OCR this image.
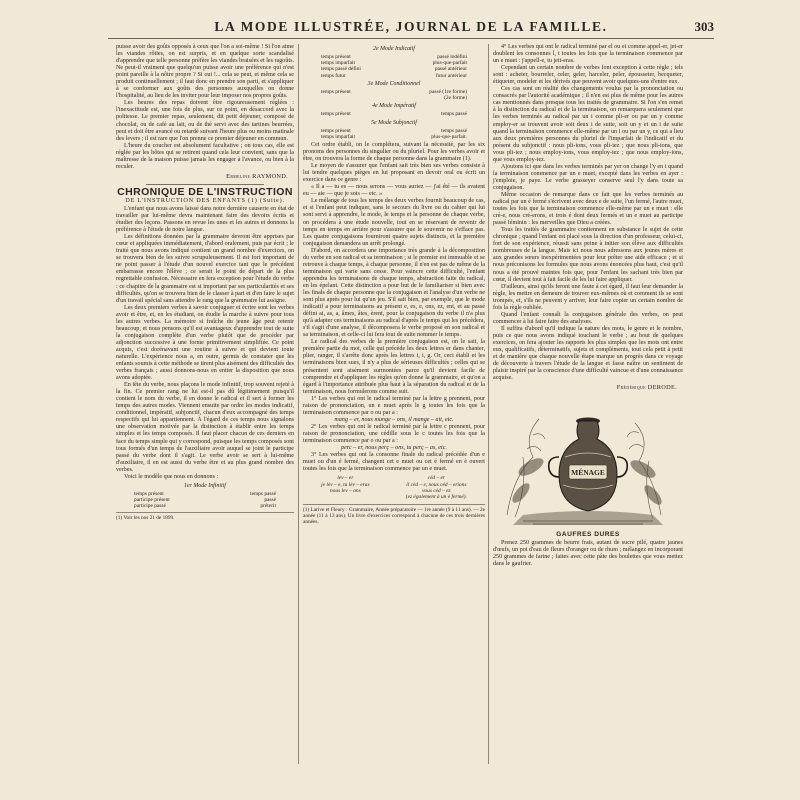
LA MODE ILLUSTRÉE, JOURNAL DE LA FAMILLE.	303

puisse avoir des goûts opposés à ceux que l'on a soi-même ! Si l'on aime les viandes rôties, on est surpris, et en quelque sorte scandalisé d'apprendre que telle personne préfère les viandes braisées et les ragoûts. Ne peut-il vraiment que quelqu'un puisse avoir une préférence qui n'est point pareille à la nôtre propre ? Si oui !... cela se peut, et même cela se produit continuellement ; il faut donc en prendre son parti, et s'appliquer à se conformer aux goûts des personnes auxquelles on donne l'hospitalité, au lieu de les inviter pour leur imposer nos propres goûts.

Les heures des repas doivent être rigoureusement réglées : l'inexactitude est, une fois de plus, sur ce point, en désaccord avec la politesse. Le premier repas, seulement, dit petit déjeuner, composé de chocolat, ou de café au lait, ou de thé servi avec des tartines beurrées, peut et doit être avancé ou retardé suivant l'heure plus ou moins matinale des levers ; il est rare que l'on prenne ce premier déjeuner en commun.

L'heure du coucher est absolument facultative ; on tous cas, elle est réglée par les hôtes qui se retirent quand cela leur convient, sans que la maîtresse de la maison puisse jamais les engager à l'avance, ou bien à la reculer.

Ermeline RAYMOND.
CHRONIQUE DE L'INSTRUCTION
DE L'INSTRUCTION DES ENFANTS (1) (Suite).

L'enfant que nous avons laissé dans notre dernière causerie en état de travailler par lui-même devra maintenant faire des devoirs écrits et étudier des leçons. Passons en revue les unes et les autres et donnons la préférence à l'étude de notre langue.

Les définitions données par la grammaire devront être apprises par cœur et appliquées immédiatement, d'abord oralement, puis par écrit ; le traité que nous avons indiqué contient un grand nombre d'exercices, on se trouvera bien de les suivre scrupuleusement. Il est fort important de ne point passer à l'étude d'un nouvel exercice tant que le précédent embarrasse encore l'élève ; ce serait le point de départ de la plus regrettable confusion. Nécessaire en fera exception pour l'étude du verbe : ce chapitre de la grammaire est si important par ses particularités et ses difficultés, qu'on se trouvera bien de le classer à part et d'en faire le sujet d'un travail spécial sans attendre le rang que la grammaire lui assigne.

Les deux premiers verbes à savoir conjuguer et écrire sont les verbes avoir et être, et, en les étudiant, on étudie la marche à suivre pour tous les autres verbes. La mémoire si fraîche du jeune âge peut retenir beaucoup, et nous pensons qu'il est avantageux d'apprendre tout de suite la conjugaison complète d'un verbe plutôt que de procéder par adjonction successive à une forme primitivement simplifiée. Ce point acquis, c'est dorénavant une routine à suivre et qui devient toute naturelle. L'expérience nous a, en outre, germis de constater que les enfants soumis à cette méthode se tirent plus aisément des difficultés des verbes français ; aussi donnons-nous en entier la disposition que nous avons adoptée.

En tête du verbe, nous plaçons le mode infinitif, trop souvent rejeté à la fin. Ce premier rang ne lui est-il pas dû légitimement puisqu'il contient le nom du verbe, il en donne le radical et il sert à former les temps des autres modes. Viennent ensuite par ordre les modes indicatif, conditionnel, impératif, subjonctif, chacun d'eux accompagné des temps respectifs qui lui appartiennent. À l'égard de ces temps nous signalons une observation motivée par la distinction à établir entre les temps simples et les temps composés. Il faut placer chacun de ces derniers en face du temps simple qui y correspond, puisque les temps composés sont tous formés d'un temps de l'auxiliaire avoir auquel se joint le participe passé du verbe dont il s'agit. Le verbe avoir se sert à lui-même d'auxiliaire, il en est aussi du verbe être et au plus grand nombre des verbes.

Voici le modèle que nous en donnons :

1er Mode Infinitif
temps présent	temps passé
participe présent	passé
participe passé	préterit
(1) Voir les nos 21 de 1899.
2e Mode Indicatif
temps présent	passé indéfini
temps imparfait	plus-que-parfait
temps passé défini	passé antérieur
temps futur	futur antérieur
3e Mode Conditionnel
temps présent	passé (1re forme)
(2e forme)
4e Mode Impératif
temps présent	temps passé
5e Mode Subjonctif
temps présent	temps passé
temps imparfait	plus-que-parfait.

Cet ordre établi, on le complétera, suivant la nécessité, par les six pronoms des personnes du singulier ou du pluriel. Pour les verbes avoir et être, on trouvera la forme de chaque personne dans la grammaire (1).

Le moyen de s'assurer que l'enfant sait très bien ses verbes consiste à lui tendre quelques pièges en lui proposant en devoir oral ou écrit un exercice dans ce genre :

« Il a — tu es — nous serons — vous auriez — j'ai été — ils avaient eu — aie — que je sois — etc. »

Le mélange de tous les temps des deux verbes fournit beaucoup de cas, et si l'enfant peut indiquer, sans le secours du livre ou du cahier qui lui sont servi à apprendre, le mode, le temps et la personne de chaque verbe, on procédera à une étude nouvelle, tout en se réservant de revenir de temps en temps en arrière pour s'assurer que le souvenir ne s'efface pas. Les quatre conjugaisons fourniront quatre sujets distincts, et la première conjugaison demandera un arrêt prolongé.

D'abord, on accordera une importance très grande à la décomposition du verbe en son radical et sa terminaison ; si le premier est immuable et se retrouve à chaque temps, à chaque personne, il n'en est pas de même de la terminaison qui varie sans cesse. Pour vaincre cette difficulté, l'enfant apprendra les terminaisons de chaque temps, abstraction faite du radical, en les épelant. Cette distinction a pour but de le familiariser si bien avec les finals de chaque personne que la conjugaison et l'analyse d'un verbe ne sont plus après pour lui qu'un jeu. S'il sait bien, par exemple, que le mode indicatif a pour terminaisons au présent e, es, e, ons, ez, ent, et au passé défini ai, as, a, âmes, âtes, èrent, pour la conjugaison du verbe il n'a plus qu'à adapter ces terminaisons au radical d'après le temps qui les précèdera, s'il s'agit d'une analyse, il décomposera le verbe proposé en son radical et sa terminaison, et celle-ci lui fera tout de suite nommer le temps.

Le radical des verbes de la première conjugaison est, on le sait, la première partie du mot, celle qui précède les deux lettres er dans chanter, plier, ranger, il s'arrête donc après les lettres t, i, g. Or, ceci établi et les terminaisons bien sues, il n'y a plus de sérieuses difficultés ; celles qui se présentent sont aisément surmontées parce qu'il devient facile de comprendre et d'appliquer les règles qu'en donne la grammaire, et qu'on a égard à l'importance attribuée plus haut à la séparation du radical et de la terminaison, nous formulerons comme suit.

1° Les verbes qui ont le radical terminé par la lettre g prennent, pour raison de prononciation, un e muet après le g toutes les fois que la terminaison commence par o ou par a :

mang – er, nous mange – ons, il mange – ait, etc.

2° Les verbes qui ont le radical terminé par la lettre c prennent, pour raison de prononciation, une cédille sous le c toutes les fois que la terminaison commence par o ou par a :

perc – er, nous perç – ons, tu perç – as, etc.

3° Les verbes qui ont la consonne finale du radical précédée d'un e muet ou d'un é fermé, changent cet e muet ou cet é fermé en è ouvert toutes les fois que la terminaison commence par un e muet.

lev – er
je lèv – e, tu lèv – eras
nous lev – ons
céd – er
il cèd – e, nous céd – erions
vous céd – ez
(ez également à un é fermé).
(1) Larive et Fleury : Grammaire, Année préparatoire — 1re année (9 à 11 ans). — 2e année (11 à 13 ans). Un livre d'exercices correspond à chacune de ces trois dernières années.

4° Les verbes qui ont le radical terminé par el ou et comme appel-er, jet-er doublent les consonnes l, t toutes les fois que la terminaison commence par un e muet : j'appell-e, tu jett-eras.

Cependant un certain nombre de verbes font exception à cette règle ; tels sont : acheter, bourreler, celer, geler, harceler, peler, épousseter, becqueter, étiqueter, modeler et les dérivés que peuvent avoir quelques-uns d'entre eux.

Ces cas sont en réalité des changements voulus par la prononciation ou consacrés par l'autorité académique ; il n'en est plus de même pour les autres cas mentionnés dans presque tous les traités de grammaire. Si l'on s'en remet à la distinction du radical et de la terminaison, on remarquera seulement que les verbes terminés au radical par un i comme pli-er ou par un y comme employ-er se trouvent avoir soit deux i de suite, soit un y et un i de suite quand la terminaison commence elle-même par un i ou par un y, ce qui a lieu aux deux premières personnes du pluriel de l'imparfait de l'indicatif et du présent du subjonctif : nous pli-ions, vous pli-iez ; que nous pli-ions, que vous pli-iez ; nous employ-ions, vous employ-iez ; que nous employ-ions, que vous employ-iez.

Ajoutons ici que dans les verbes terminés par yer on change l'y en i quand la terminaison commence par un e muet, excepté dans les verbes en ayer : j'emploie, je paye. Le verbe grasseyer conserve seul l'y dans toute sa conjugaison.

Même occasion de remarque dans ce fait que les verbes terminés au radical par un é fermé s'écrivent avec deux e de suite, l'un fermé, l'autre muet, toutes les fois que la terminaison commence elle-même par un e muet : elle cré-e, nous cré-erons, et trois é dont deux fermés et un e muet au participe passé féminin : les merveilles que Dieu a créées.

Tous les traités de grammaire contiennent en substance le sujet de cette chronique ; quand l'enfant est placé sous la direction d'un professeur, celui-ci, fort de son expérience, réussit sans peine à initier son élève aux difficultés nombreuses de la langue. Mais ici nous nous adressons aux jeunes mères et aux grandes sœurs inexpérimentées pour leur prêter une aide efficace ; et si nous préconisons les formules que nous avons énoncées plus haut, c'est qu'il nous a été prouvé maintes fois que, pour l'enfant les sachant très bien par cœur, il devient tout à fait facile de les lui faire appliquer.

D'ailleurs, ainsi qu'ils feront une faute à cet égard, il faut leur demander la règle, les mettre en demeure de trouver eux-mêmes où et comment ils se sont trompés, et, s'ils ne peuvent y arriver, leur faire copier un certain nombre de fois la règle oubliée.

Quand l'enfant connaît la conjugaison générale des verbes, on peut commencer à lui faire faire des analyses.

Il suffira d'abord qu'il indique la nature des mots, le genre et le nombre, puis ce que nous avons indiqué touchant le verbe ; au bout de quelques exercices, on fera ajouter les rapports les plus simples que les mots ont entre eux, qualificatifs, déterminatifs, sujets et compléments, tout cela petit à petit et de manière que chaque nouvelle étape marque un progrès dans ce voyage de découverte à travers l'étude de la langue et fasse naître un sentiment de plaisir inspiré par la conscience d'une difficulté vaincue et d'une connaissance acquise.

Frédérique DERODE.
MÉNAGE
GAUFRES DURES

Prenez 250 grammes de beurre frais, autant de sucre pilé, quatre jaunes d'œufs, un pot d'eau de fleurs d'oranger ou de rhum ; mélangez en incorporant 250 grammes de farine ; faites avec cette pâte des boulettes que vous mettez dans le gaufrier.
